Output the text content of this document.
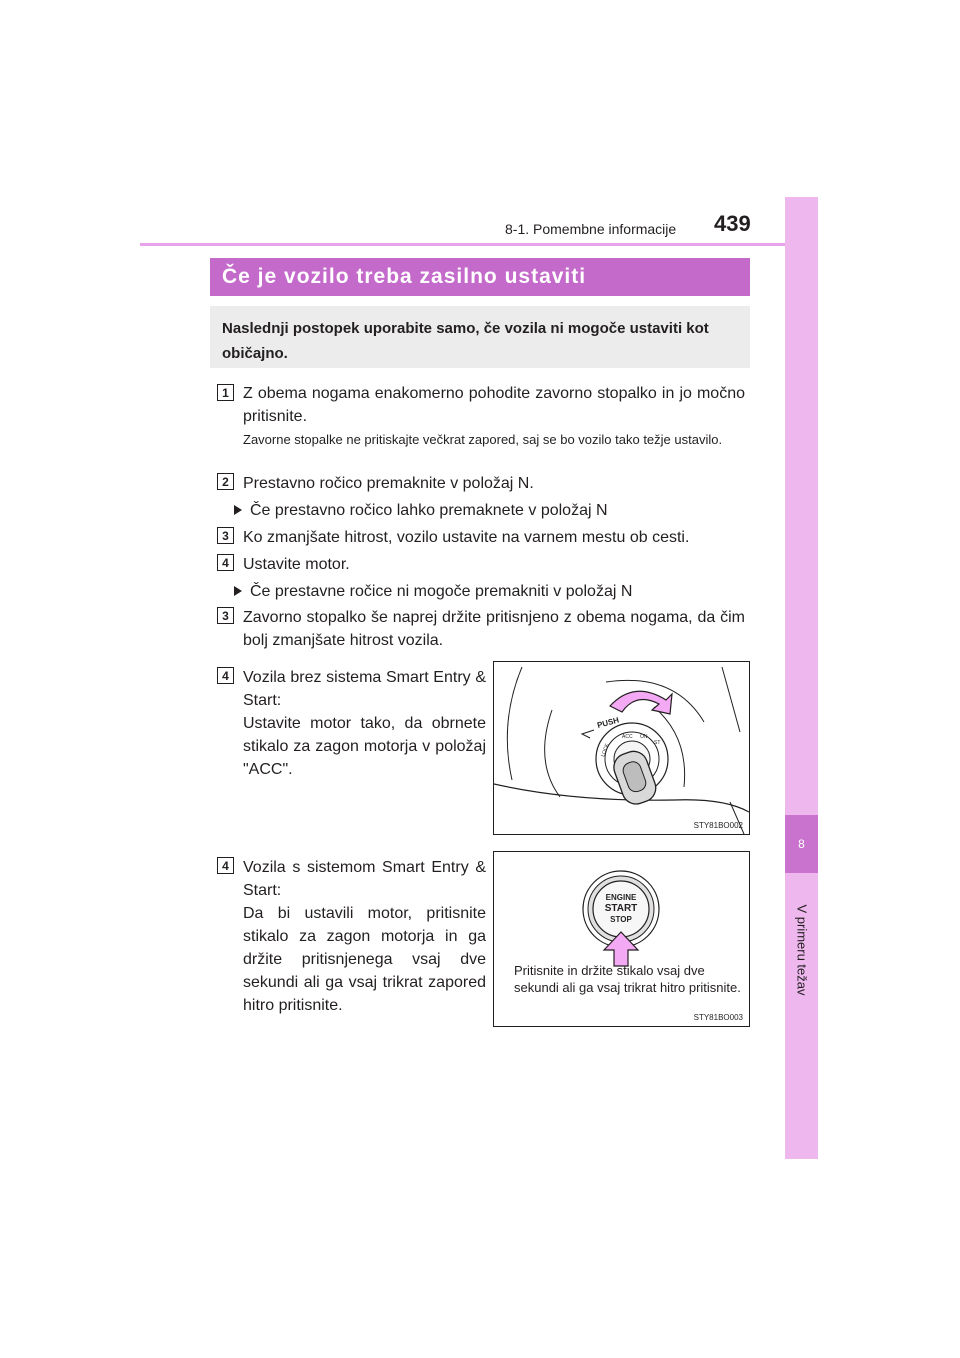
8-1. Pomembne informacije 439
8
V primeru težav
Če je vozilo treba zasilno ustaviti
Naslednji postopek uporabite samo, če vozila ni mogoče ustaviti kot običajno.
1 Z obema nogama enakomerno pohodite zavorno stopalko in jo močno pritisnite.
Zavorne stopalke ne pritiskajte večkrat zapored, saj se bo vozilo tako težje ustavilo.
2 Prestavno ročico premaknite v položaj N.
Če prestavno ročico lahko premaknete v položaj N
3 Ko zmanjšate hitrost, vozilo ustavite na varnem mestu ob cesti.
4 Ustavite motor.
Če prestavne ročice ni mogoče premakniti v položaj N
3 Zavorno stopalko še naprej držite pritisnjeno z obema nogama, da čim bolj zmanjšate hitrost vozila.
4 Vozila brez sistema Smart Entry & Start:
Ustavite motor tako, da obrnete stikalo za zagon motorja v položaj "ACC".
PUSH
LOCK
ACC ON
ST
STY81BO002
4 Vozila s sistemom Smart Entry & Start:
Da bi ustavili motor, pritisnite stikalo za zagon motorja in ga držite pritisnjenega vsaj dve sekundi ali ga vsaj trikrat zapored hitro pritisnite.
ENGINE
START
STOP
Pritisnite in držite stikalo vsaj dve sekundi ali ga vsaj trikrat hitro pritisnite.
STY81BO003
